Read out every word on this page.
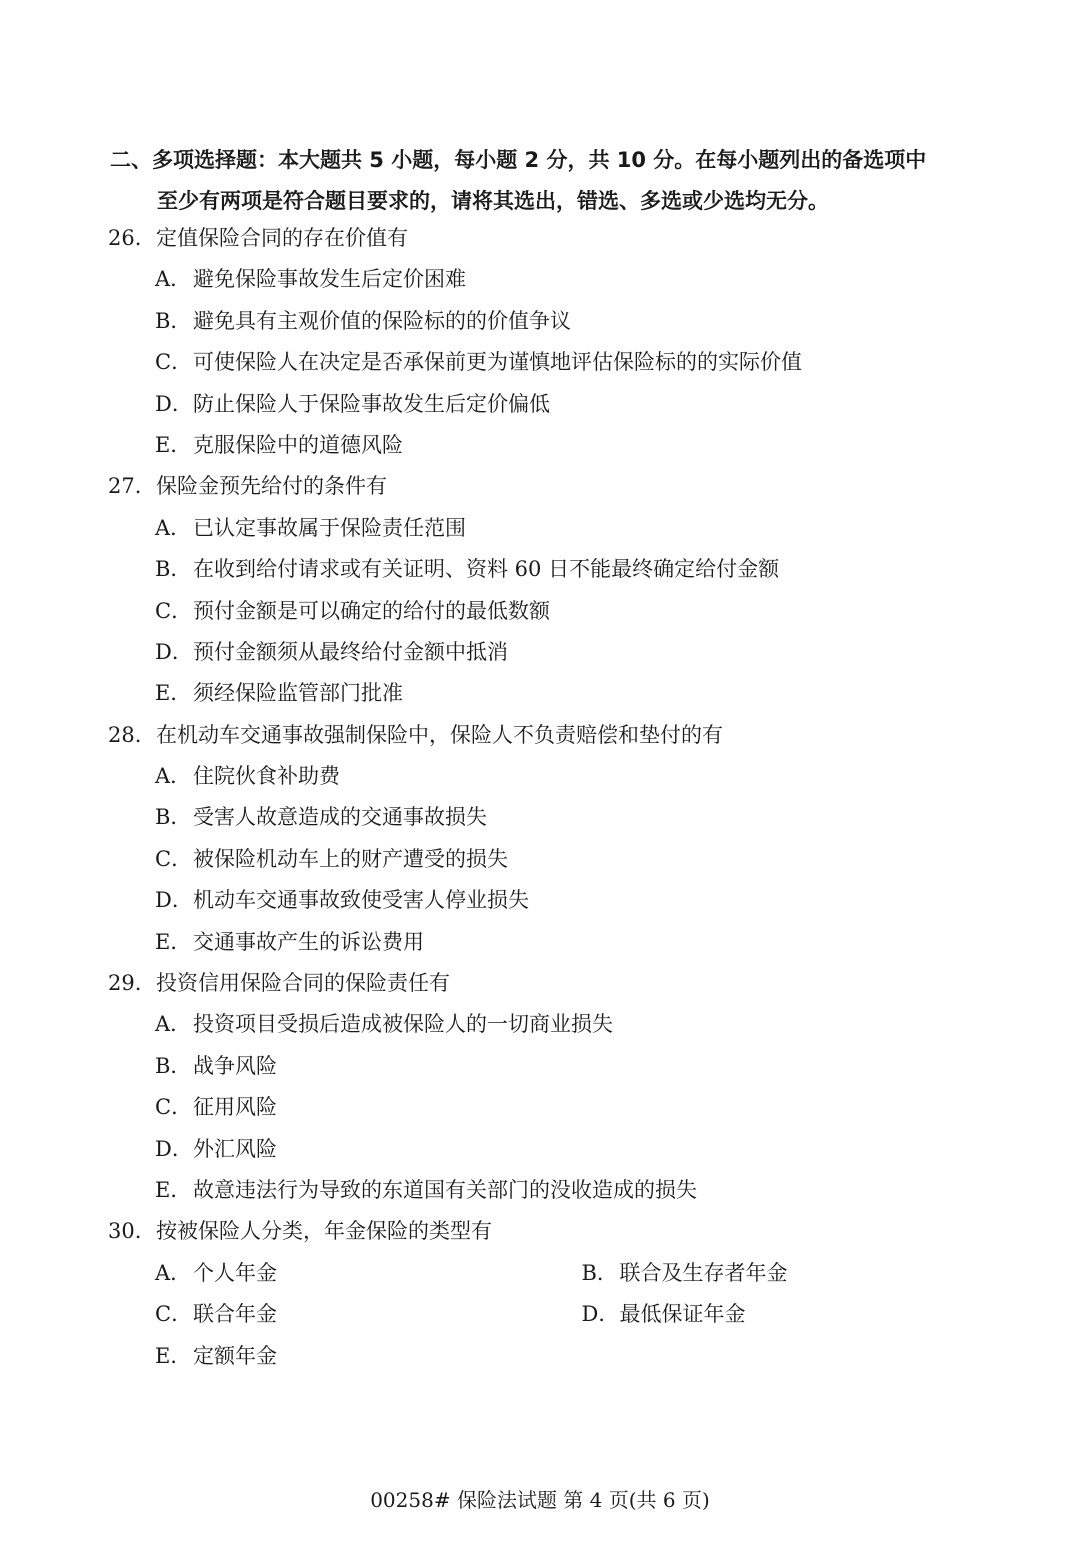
二、多项选择题：本大题共 5 小题，每小题 2 分，共 10 分。在每小题列出的备选项中
至少有两项是符合题目要求的，请将其选出，错选、多选或少选均无分。
26. 定值保险合同的存在价值有
A．避免保险事故发生后定价困难
B．避免具有主观价值的保险标的的价值争议
C．可使保险人在决定是否承保前更为谨慎地评估保险标的的实际价值
D．防止保险人于保险事故发生后定价偏低
E．克服保险中的道德风险
27. 保险金预先给付的条件有
A．已认定事故属于保险责任范围
B．在收到给付请求或有关证明、资料 60 日不能最终确定给付金额
C．预付金额是可以确定的给付的最低数额
D．预付金额须从最终给付金额中抵消
E．须经保险监管部门批准
28. 在机动车交通事故强制保险中，保险人不负责赔偿和垫付的有
A．住院伙食补助费
B．受害人故意造成的交通事故损失
C．被保险机动车上的财产遭受的损失
D．机动车交通事故致使受害人停业损失
E．交通事故产生的诉讼费用
29. 投资信用保险合同的保险责任有
A．投资项目受损后造成被保险人的一切商业损失
B．战争风险
C．征用风险
D．外汇风险
E．故意违法行为导致的东道国有关部门的没收造成的损失
30. 按被保险人分类，年金保险的类型有
A．个人年金	B．联合及生存者年金
C．联合年金	D．最低保证年金
E．定额年金
00258# 保险法试题 第 4 页(共 6 页)
